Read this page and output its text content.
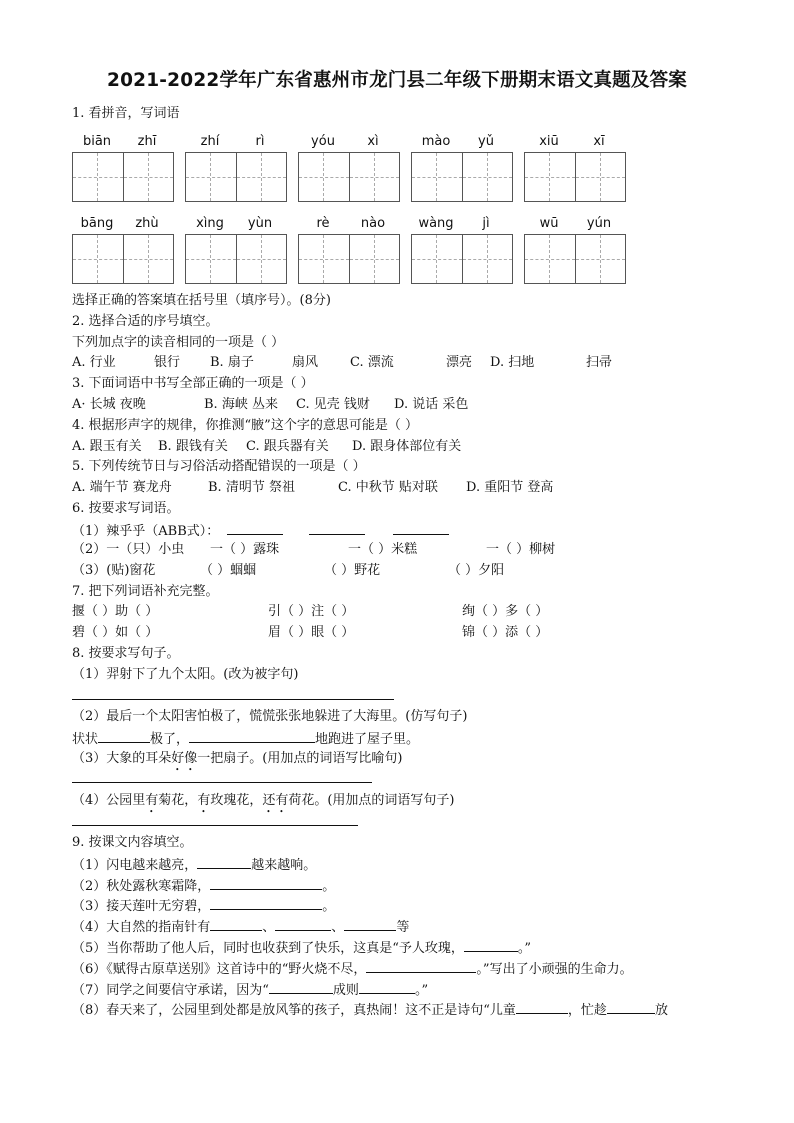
2021-2022学年广东省惠州市龙门县二年级下册期末语文真题及答案
1. 看拼音，写词语
biān	zhī	zhí	rì	yóu	xì	mào	yǔ	xiū	xī
bāng	zhù	xìng	yùn	rè	nào	wàng	jì	wū	yún
选择正确的答案填在括号里（填序号）。(8分)
2. 选择合适的序号填空。
下列加点字的读音相同的一项是（ ）
A. 行业	银行 B. 扇子	扇风 C. 漂流	漂亮 D. 扫地	扫帚
3. 下面词语中书写全部正确的一项是（ ）
A· 长城 夜晚	B. 海峡 丛来 C. 见壳 钱财 D. 说话 采色
4. 根据形声字的规律，你推测“腋”这个字的意思可能是（ ）
A. 跟玉有关 B. 跟钱有关 C. 跟兵器有关 D. 跟身体部位有关
5. 下列传统节日与习俗活动搭配错误的一项是（ ）
A. 端午节 赛龙舟	B. 清明节 祭祖	C. 中秋节 贴对联 D. 重阳节 登高
6. 按要求写词语。
（1）辣乎乎（ABB式）：
（2）一（只）小虫 一（ ）露珠	一（ ）米糕	一（ ）柳树
（3）(贴)窗花	（ ）蝈蝈	（ ）野花	（ ）夕阳
7. 把下列词语补充完整。
揠（ ）助（ ）	引（ ）注（ ）	绚（ ）多（ ）
碧（ ）如（ ）	眉（ ）眼（ ）	锦（ ）添（ ）
8. 按要求写句子。
（1）羿射下了九个太阳。(改为被字句)
（2）最后一个太阳害怕极了，慌慌张张地躲进了大海里。(仿写句子)
状状	极了，	地跑进了屋子里。
（3）大象的耳朵好像一把扇子。(用加点的词语写比喻句)
（4）公园里有菊花，有玫瑰花，还有荷花。(用加点的词语写句子)
9. 按课文内容填空。
（1）闪电越来越亮，	越来越响。
（2）秋处露秋寒霜降，	。
（3）接天莲叶无穷碧，	。
（4）大自然的指南针有	、	、	等
（5）当你帮助了他人后，同时也收获到了快乐，这真是“予人玫瑰，	。”
（6）《赋得古原草送别》这首诗中的“野火烧不尽，	。”写出了小顽强的生命力。
（7）同学之间要信守承诺，因为“	成则	。”
（8）春天来了，公园里到处都是放风筝的孩子，真热闹！这不正是诗句“儿童	，忙趁	放
